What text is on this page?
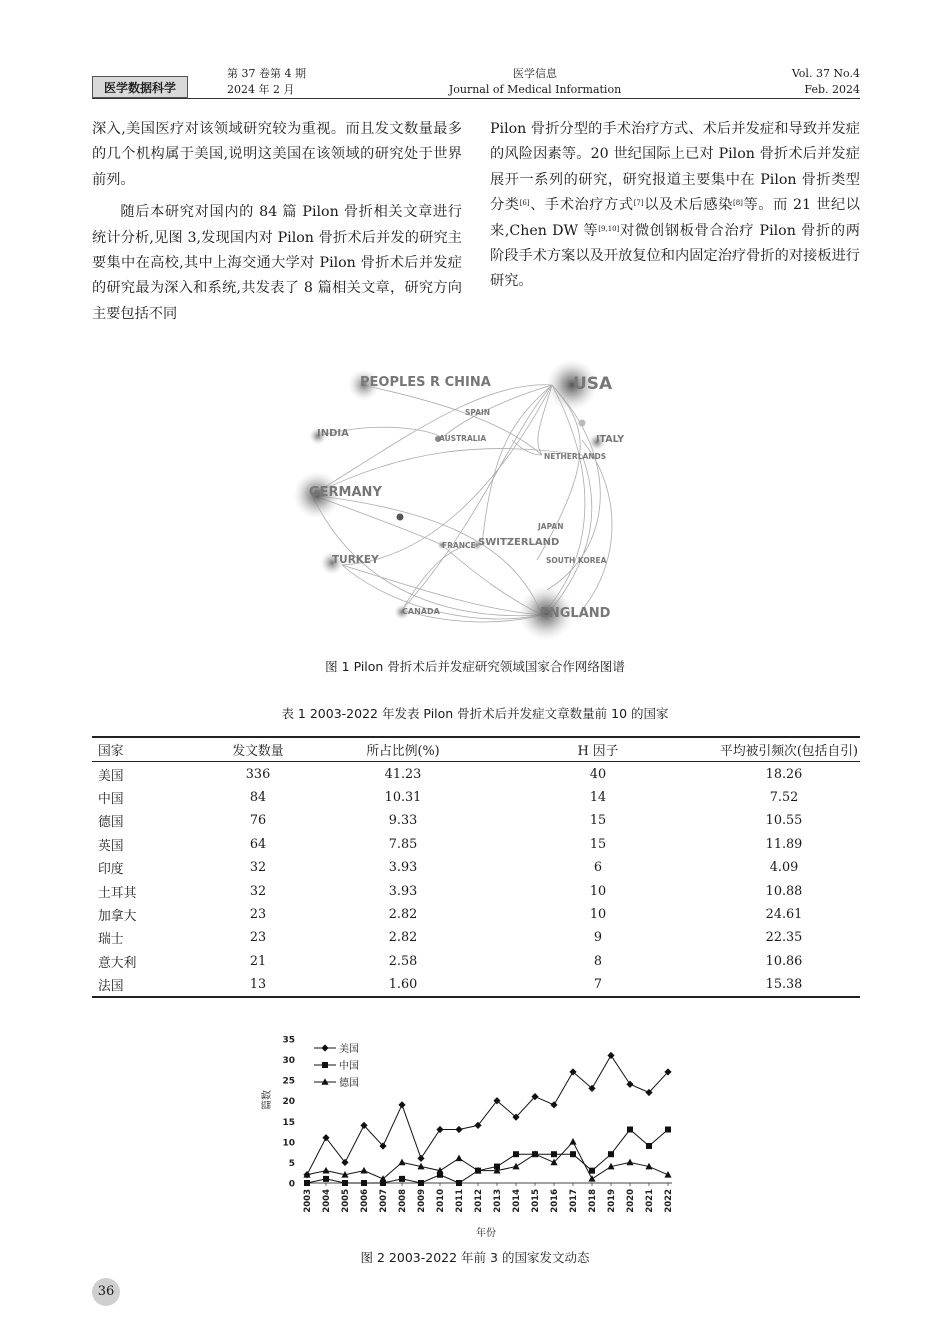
医学数据科学
第 37 卷第 4 期
2024 年 2 月
医学信息
Journal of Medical Information
Vol. 37 No.4
Feb. 2024

深入,美国医疗对该领域研究较为重视。而且发文数量最多的几个机构属于美国,说明这美国在该领域的研究处于世界前列。

随后本研究对国内的 84 篇 Pilon 骨折相关文章进行统计分析,见图 3,发现国内对 Pilon 骨折术后并发的研究主要集中在高校,其中上海交通大学对 Pilon 骨折术后并发症的研究最为深入和系统,共发表了 8 篇相关文章，研究方向主要包括不同

Pilon 骨折分型的手术治疗方式、术后并发症和导致并发症的风险因素等。20 世纪国际上已对 Pilon 骨折术后并发症展开一系列的研究，研究报道主要集中在 Pilon 骨折类型分类[6]、手术治疗方式[7]以及术后感染[8]等。而 21 世纪以来,Chen DW 等[9,10]对微创钢板骨合治疗 Pilon 骨折的两阶段手术方案以及开放复位和内固定治疗骨折的对接板进行研究。

PEOPLES R CHINA	USA
SPAIN
INDIA	AUSTRALIA	ITALY
NETHERLANDS
GERMANY
JAPAN
FRANCE SWITZERLAND
SOUTH KOREA
TURKEY
CANADA	ENGLAND
图 1 Pilon 骨折术后并发症研究领域国家合作网络图谱
表 1 2003-2022 年发表 Pilon 骨折术后并发症文章数量前 10 的国家
国家	发文数量	所占比例(%)	H 因子	平均被引频次(包括自引)
美国	336	41.23	40	18.26
中国	84	10.31	14	7.52
德国	76	9.33	15	10.55
英国	64	7.85	15	11.89
印度	32	3.93	6	4.09
土耳其	32	3.93	10	10.88
加拿大	23	2.82	10	24.61
瑞士	23	2.82	9	22.35
意大利	21	2.58	8	10.86
法国	13	1.60	7	15.38
0
5
10
15
20
25
30
35
2003 2004 2005 2006 2007 2008 2009 2010 2011 2012 2013 2014 2015 2016 2017 2018 2019 2020 2021 2022
美国
中国
德国
篇数
年份
图 2 2003-2022 年前 3 的国家发文动态
36
